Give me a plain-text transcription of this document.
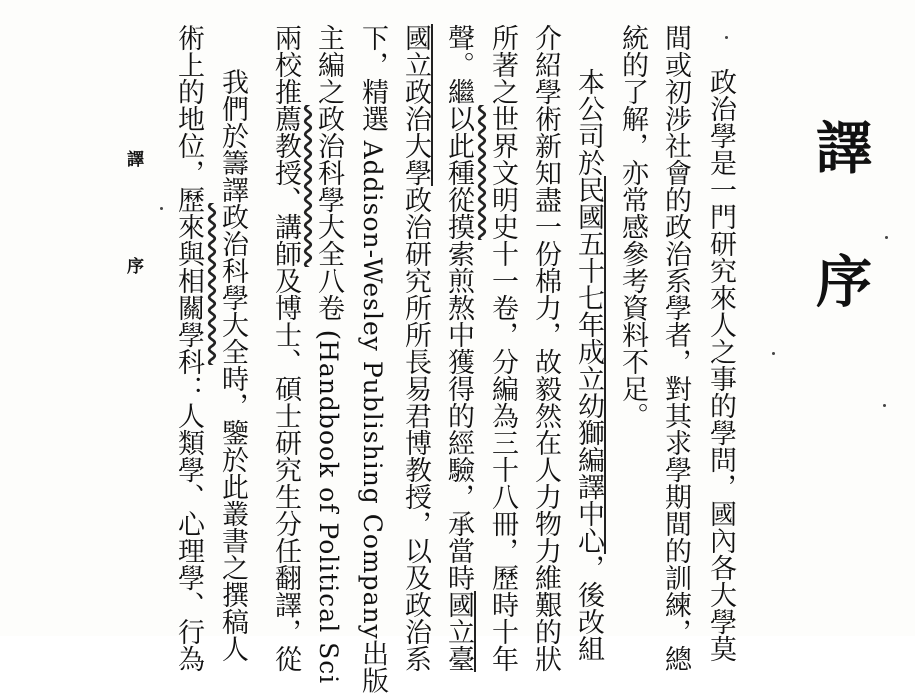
譯序
政治學是一門研究來人之事的學問，國內各大學莫
間或初涉社會的政治系學者，對其求學期間的訓練，總
統的了解，亦常感參考資料不足。
本公司於民國五十七年成立幼獅編譯中心，後改組
介紹學術新知盡一份棉力，故毅然在人力物力維艱的狀
所著之世界文明史十一卷，分編為三十八冊，歷時十年
聲。繼以此種從摸索煎熬中獲得的經驗，承當時國立臺
國立政治大學政治研究所所長易君博教授，以及政治系
下，精選 Addison-Wesley Publishing Company出版
主編之政治科學大全八卷 (Handbook of Political Sci
兩校推薦教授、講師及博士、碩士研究生分任翻譯，從
我們於籌譯政治科學大全時，鑒於此叢書之撰稿人
術上的地位，歷來與相關學科：人類學、心理學、行為
譯序
